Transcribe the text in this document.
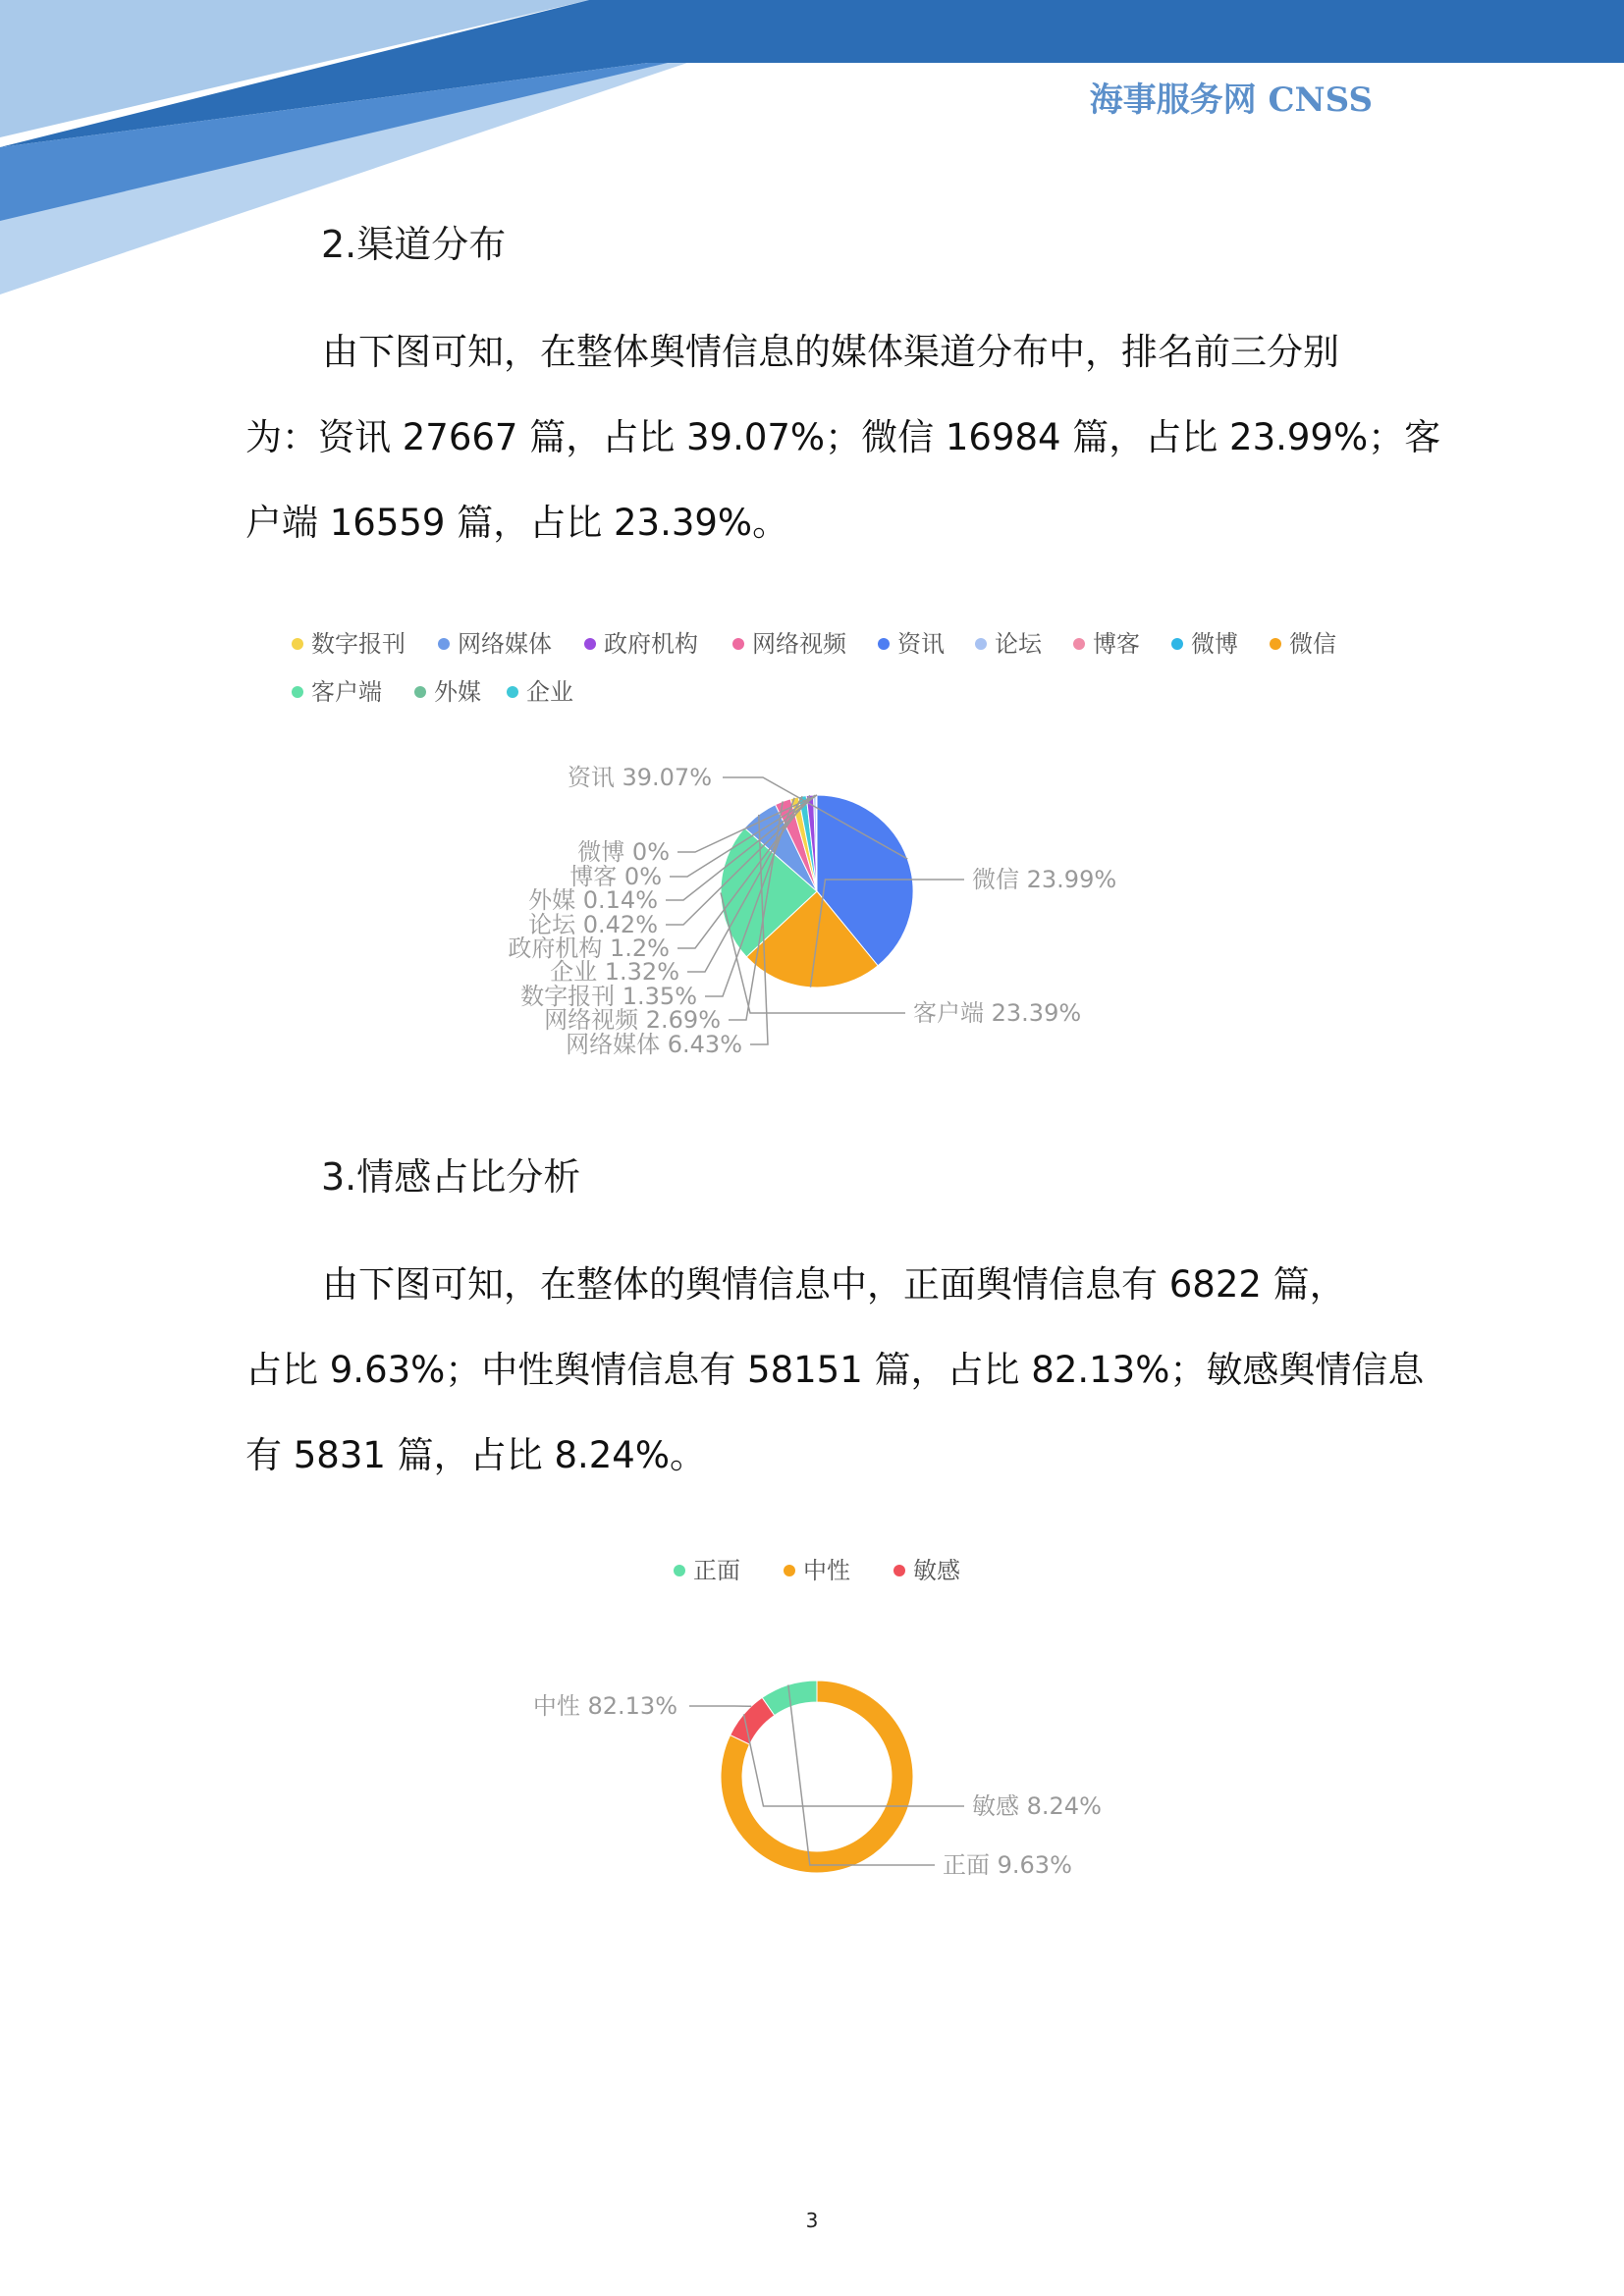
海事服务网 CNSS
2.渠道分布
由下图可知，在整体舆情信息的媒体渠道分布中，排名前三分别
为：资讯 27667 篇，占比 39.07%；微信 16984 篇，占比 23.99%；客
户端 16559 篇，占比 23.39%。
数字报刊 网络媒体 政府机构 网络视频 资讯 论坛 博客 微博 微信
客户端 外媒 企业
资讯 39.07%
微信 23.99%
客户端 23.39%
网络媒体 6.43%
网络视频 2.69%
数字报刊 1.35%
企业 1.32%
政府机构 1.2%
论坛 0.42%
外媒 0.14%
博客 0%
微博 0%
3.情感占比分析
由下图可知，在整体的舆情信息中，正面舆情信息有 6822 篇，
占比 9.63%；中性舆情信息有 58151 篇，占比 82.13%；敏感舆情信息
有 5831 篇，占比 8.24%。
正面	中性	敏感
中性 82.13%
敏感 8.24%
正面 9.63%
3
